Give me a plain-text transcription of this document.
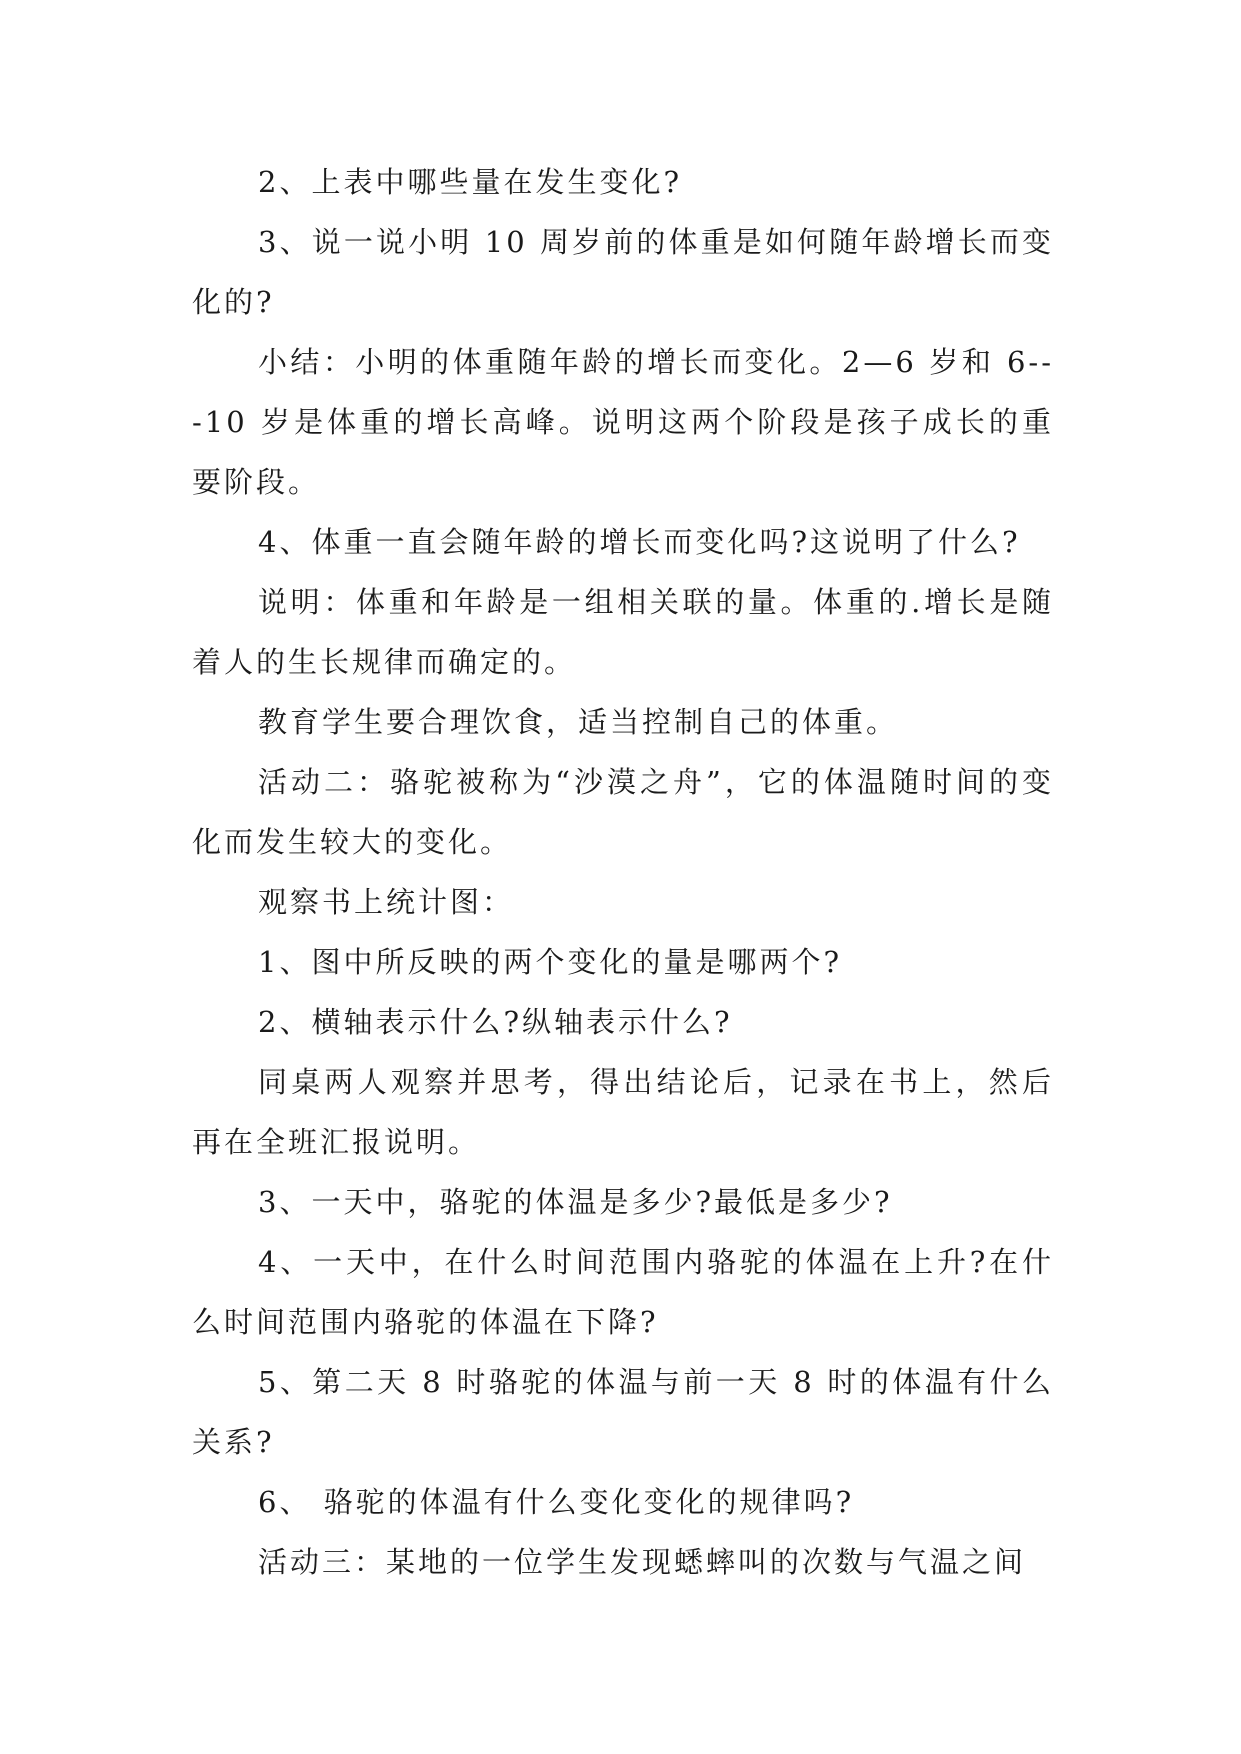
2、上表中哪些量在发生变化?

3、说一说小明 10 周岁前的体重是如何随年龄增长而变化的?

小结：小明的体重随年龄的增长而变化。2—6 岁和 6---10 岁是体重的增长高峰。说明这两个阶段是孩子成长的重要阶段。

4、体重一直会随年龄的增长而变化吗?这说明了什么?

说明：体重和年龄是一组相关联的量。体重的.增长是随着人的生长规律而确定的。

教育学生要合理饮食，适当控制自己的体重。

活动二：骆驼被称为“沙漠之舟”，它的体温随时间的变化而发生较大的变化。

观察书上统计图：

1、图中所反映的两个变化的量是哪两个?

2、横轴表示什么?纵轴表示什么?

同桌两人观察并思考，得出结论后，记录在书上，然后再在全班汇报说明。

3、一天中，骆驼的体温是多少?最低是多少?

4、一天中，在什么时间范围内骆驼的体温在上升?在什么时间范围内骆驼的体温在下降?

5、第二天 8 时骆驼的体温与前一天 8 时的体温有什么关系?

6、 骆驼的体温有什么变化变化的规律吗?

活动三：某地的一位学生发现蟋蟀叫的次数与气温之间
